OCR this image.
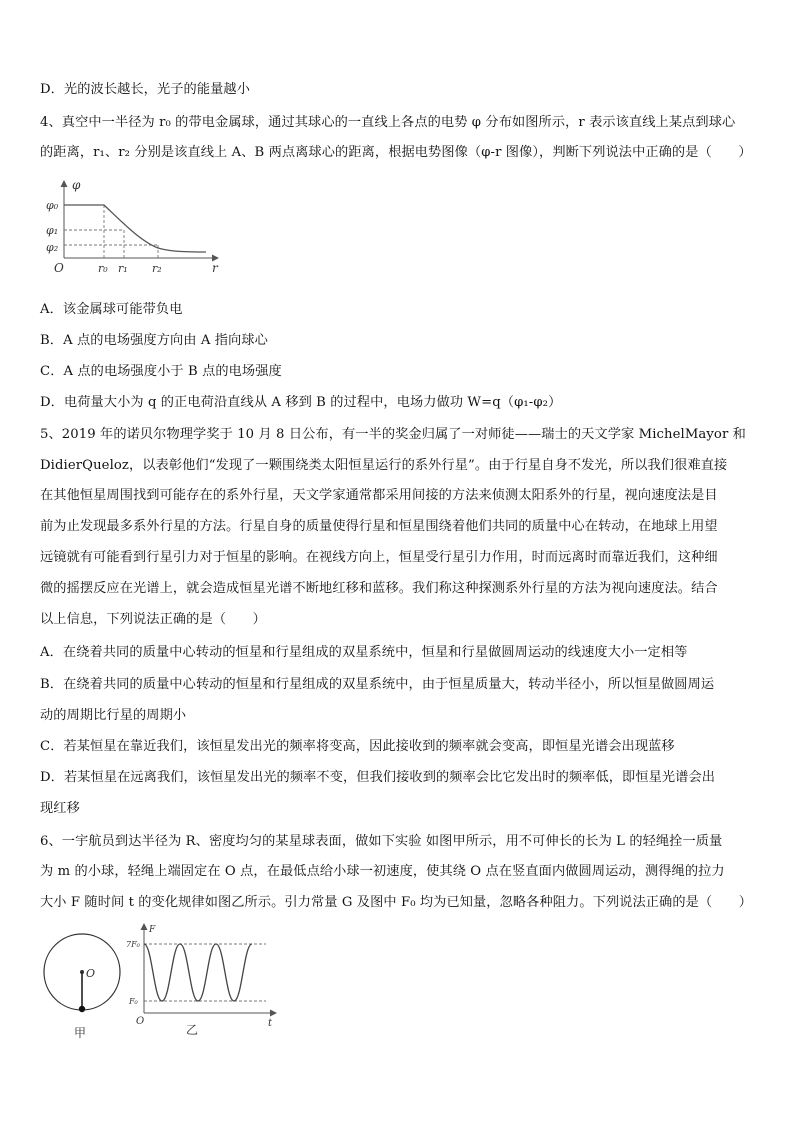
D．光的波长越长，光子的能量越小
4、真空中一半径为 r₀ 的带电金属球，通过其球心的一直线上各点的电势 φ 分布如图所示，r 表示该直线上某点到球心
的距离，r₁、r₂ 分别是该直线上 A、B 两点离球心的距离，根据电势图像（φ-r 图像），判断下列说法中正确的是（　　）
A．该金属球可能带负电
B．A 点的电场强度方向由 A 指向球心
C．A 点的电场强度小于 B 点的电场强度
D．电荷量大小为 q 的正电荷沿直线从 A 移到 B 的过程中，电场力做功 W=q（φ₁-φ₂）
5、2019 年的诺贝尔物理学奖于 10 月 8 日公布，有一半的奖金归属了一对师徒——瑞士的天文学家 MichelMayor 和
DidierQueloz，以表彰他们“发现了一颗围绕类太阳恒星运行的系外行星”。由于行星自身不发光，所以我们很难直接
在其他恒星周围找到可能存在的系外行星，天文学家通常都采用间接的方法来侦测太阳系外的行星，视向速度法是目
前为止发现最多系外行星的方法。行星自身的质量使得行星和恒星围绕着他们共同的质量中心在转动，在地球上用望
远镜就有可能看到行星引力对于恒星的影响。在视线方向上，恒星受行星引力作用，时而远离时而靠近我们，这种细
微的摇摆反应在光谱上，就会造成恒星光谱不断地红移和蓝移。我们称这种探测系外行星的方法为视向速度法。结合
以上信息，下列说法正确的是（　　）
A．在绕着共同的质量中心转动的恒星和行星组成的双星系统中，恒星和行星做圆周运动的线速度大小一定相等
B．在绕着共同的质量中心转动的恒星和行星组成的双星系统中，由于恒星质量大，转动半径小，所以恒星做圆周运
动的周期比行星的周期小
C．若某恒星在靠近我们，该恒星发出光的频率将变高，因此接收到的频率就会变高，即恒星光谱会出现蓝移
D．若某恒星在远离我们，该恒星发出光的频率不变，但我们接收到的频率会比它发出时的频率低，即恒星光谱会出
现红移
6、一宇航员到达半径为 R、密度均匀的某星球表面，做如下实验 如图甲所示，用不可伸长的长为 L 的轻绳拴一质量
为 m 的小球，轻绳上端固定在 O 点，在最低点给小球一初速度，使其绕 O 点在竖直面内做圆周运动，测得绳的拉力
大小 F 随时间 t 的变化规律如图乙所示。引力常量 G 及图中 F₀ 均为已知量，忽略各种阻力。下列说法正确的是（　　）
φ
r
O
φ₀
φ₁
φ₂
r₀ r₁ r₂
O
甲
F
t
O
7F₀
F₀
乙
